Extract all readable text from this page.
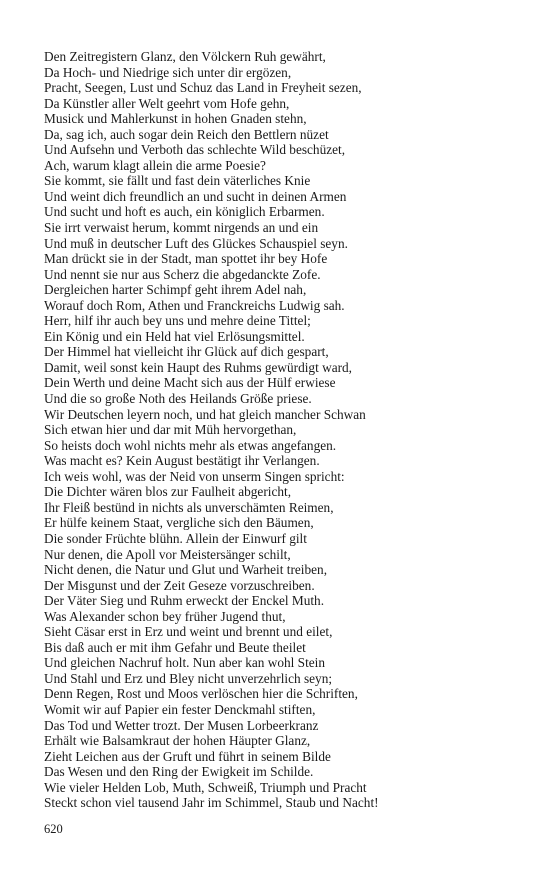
Den Zeitregistern Glanz, den Völckern Ruh gewährt,
Da Hoch- und Niedrige sich unter dir ergözen,
Pracht, Seegen, Lust und Schuz das Land in Freyheit sezen,
Da Künstler aller Welt geehrt vom Hofe gehn,
Musick und Mahlerkunst in hohen Gnaden stehn,
Da, sag ich, auch sogar dein Reich den Bettlern nüzet
Und Aufsehn und Verboth das schlechte Wild beschüzet,
Ach, warum klagt allein die arme Poesie?
Sie kommt, sie fällt und fast dein väterliches Knie
Und weint dich freundlich an und sucht in deinen Armen
Und sucht und hoft es auch, ein königlich Erbarmen.
Sie irrt verwaist herum, kommt nirgends an und ein
Und muß in deutscher Luft des Glückes Schauspiel seyn.
Man drückt sie in der Stadt, man spottet ihr bey Hofe
Und nennt sie nur aus Scherz die abgedanckte Zofe.
Dergleichen harter Schimpf geht ihrem Adel nah,
Worauf doch Rom, Athen und Franckreichs Ludwig sah.
Herr, hilf ihr auch bey uns und mehre deine Tittel;
Ein König und ein Held hat viel Erlösungsmittel.
Der Himmel hat vielleicht ihr Glück auf dich gespart,
Damit, weil sonst kein Haupt des Ruhms gewürdigt ward,
Dein Werth und deine Macht sich aus der Hülf erwiese
Und die so große Noth des Heilands Größe priese.
Wir Deutschen leyern noch, und hat gleich mancher Schwan
Sich etwan hier und dar mit Müh hervorgethan,
So heists doch wohl nichts mehr als etwas angefangen.
Was macht es? Kein August bestätigt ihr Verlangen.
Ich weis wohl, was der Neid von unserm Singen spricht:
Die Dichter wären blos zur Faulheit abgericht,
Ihr Fleiß bestünd in nichts als unverschämten Reimen,
Er hülfe keinem Staat, vergliche sich den Bäumen,
Die sonder Früchte blühn. Allein der Einwurf gilt
Nur denen, die Apoll vor Meistersänger schilt,
Nicht denen, die Natur und Glut und Warheit treiben,
Der Misgunst und der Zeit Geseze vorzuschreiben.
Der Väter Sieg und Ruhm erweckt der Enckel Muth.
Was Alexander schon bey früher Jugend thut,
Sieht Cäsar erst in Erz und weint und brennt und eilet,
Bis daß auch er mit ihm Gefahr und Beute theilet
Und gleichen Nachruf holt. Nun aber kan wohl Stein
Und Stahl und Erz und Bley nicht unverzehrlich seyn;
Denn Regen, Rost und Moos verlöschen hier die Schriften,
Womit wir auf Papier ein fester Denckmahl stiften,
Das Tod und Wetter trozt. Der Musen Lorbeerkranz
Erhält wie Balsamkraut der hohen Häupter Glanz,
Zieht Leichen aus der Gruft und führt in seinem Bilde
Das Wesen und den Ring der Ewigkeit im Schilde.
Wie vieler Helden Lob, Muth, Schweiß, Triumph und Pracht
Steckt schon viel tausend Jahr im Schimmel, Staub und Nacht!
620
